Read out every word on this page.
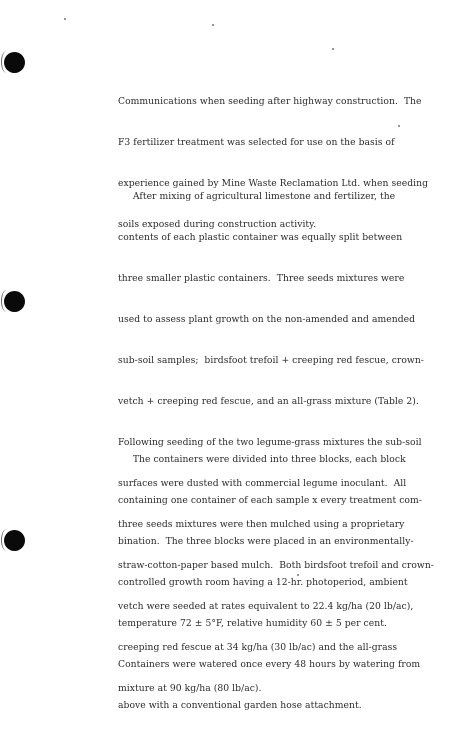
Communications when seeding after highway construction.  The

F3 fertilizer treatment was selected for use on the basis of

experience gained by Mine Waste Reclamation Ltd. when seeding

soils exposed during construction activity.

After mixing of agricultural limestone and fertilizer, the

contents of each plastic container was equally split between

three smaller plastic containers.  Three seeds mixtures were

used to assess plant growth on the non-amended and amended

sub-soil samples;  birdsfoot trefoil + creeping red fescue, crown-

vetch + creeping red fescue, and an all-grass mixture (Table 2).

Following seeding of the two legume-grass mixtures the sub-soil

surfaces were dusted with commercial legume inoculant.  All

three seeds mixtures were then mulched using a proprietary

straw-cotton-paper based mulch.  Both birdsfoot trefoil and crown-

vetch were seeded at rates equivalent to 22.4 kg/ha (20 lb/ac),

creeping red fescue at 34 kg/ha (30 lb/ac) and the all-grass

mixture at 90 kg/ha (80 lb/ac).

The containers were divided into three blocks, each block

containing one container of each sample x every treatment com-

bination.  The three blocks were placed in an environmentally-

controlled growth room having a 12-hr. photoperiod, ambient

temperature 72 ± 5°F, relative humidity 60 ± 5 per cent.

Containers were watered once every 48 hours by watering from

above with a conventional garden hose attachment.
